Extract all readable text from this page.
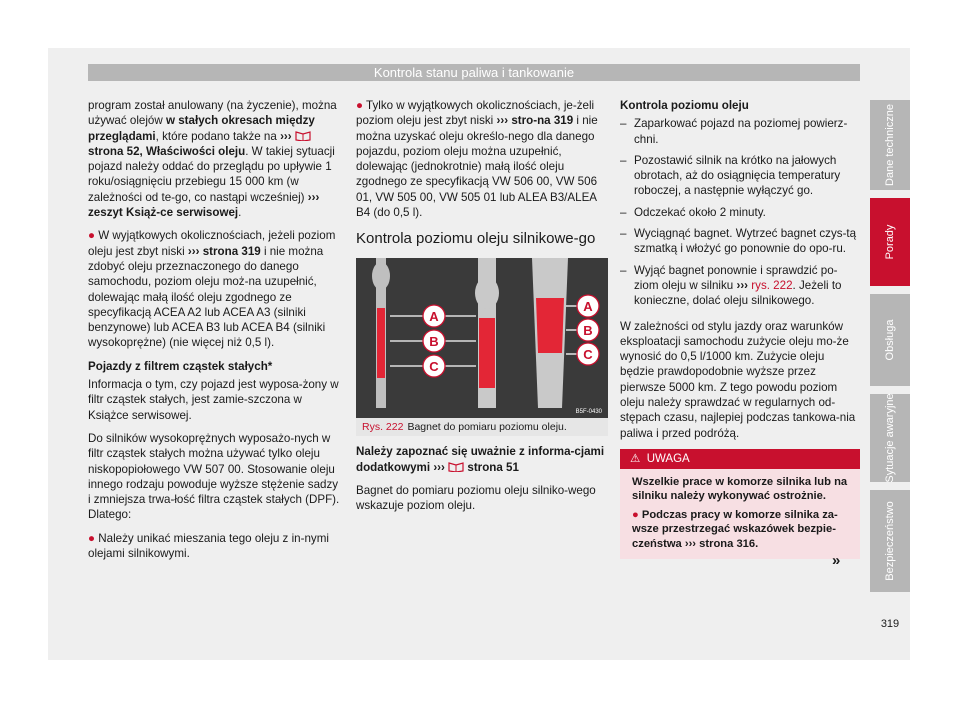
Kontrola stanu paliwa i tankowanie

program został anulowany (na życzenie), można używać olejów w stałych okresach między przeglądami, które podano także na ›››  strona 52, Właściwości oleju. W takiej sytuacji pojazd należy oddać do przeglądu po upływie 1 roku/osiągnięciu przebiegu 15 000 km (w zależności od te-go, co nastąpi wcześniej) ››› zeszyt Książ-ce serwisowej.

● W wyjątkowych okolicznościach, jeżeli poziom oleju jest zbyt niski ››› strona 319 i nie można zdobyć oleju przeznaczonego do danego samochodu, poziom oleju moż-na uzupełnić, dolewając małą ilość oleju zgodnego ze specyfikacją ACEA A2 lub ACEA A3 (silniki benzynowe) lub ACEA B3 lub ACEA B4 (silniki wysokoprężne) (nie więcej niż 0,5 l).

Pojazdy z filtrem cząstek stałych*

Informacja o tym, czy pojazd jest wyposa-żony w filtr cząstek stałych, jest zamie-szczona w Książce serwisowej.

Do silników wysokoprężnych wyposażo-nych w filtr cząstek stałych można używać tylko oleju niskopopiołowego VW 507 00. Stosowanie oleju innego rodzaju powoduje wyższe stężenie sadzy i zmniejsza trwa-łość filtra cząstek stałych (DPF). Dlatego:

● Należy unikać mieszania tego oleju z in-nymi olejami silnikowymi.

● Tylko w wyjątkowych okolicznościach, je-żeli poziom oleju jest zbyt niski ››› stro-na 319 i nie można uzyskać oleju określo-nego dla danego pojazdu, poziom oleju można uzupełnić, dolewając (jednokrotnie) małą ilość oleju zgodnego ze specyfikacją VW 506 00, VW 506 01, VW 505 00, VW 505 01 lub ALEA B3/ALEA B4 (do 0,5 l).

Kontrola poziomu oleju silnikowe-go
A
B
C
A
B
C
B5F-0430
Rys. 222 Bagnet do pomiaru poziomu oleju.

Należy zapoznać się uważnie z informa-cjami dodatkowymi ››› strona 51

Bagnet do pomiaru poziomu oleju silniko-wego wskazuje poziom oleju.

Kontrola poziomu oleju
– Zaparkować pojazd na poziomej powierz-chni.
– Pozostawić silnik na krótko na jałowych obrotach, aż do osiągnięcia temperatury roboczej, a następnie wyłączyć go.
– Odczekać około 2 minuty.
– Wyciągnąć bagnet. Wytrzeć bagnet czys-tą szmatką i włożyć go ponownie do opo-ru.
– Wyjąć bagnet ponownie i sprawdzić po-ziom oleju w silniku ››› rys. 222. Jeżeli to konieczne, dolać oleju silnikowego.

W zależności od stylu jazdy oraz warunków eksploatacji samochodu zużycie oleju mo-że wynosić do 0,5 l/1000 km. Zużycie oleju będzie prawdopodobnie wyższe przez pierwsze 5000 km. Z tego powodu poziom oleju należy sprawdzać w regularnych od-stępach czasu, najlepiej podczas tankowa-nia paliwa i przed podróżą.

⚠ UWAGA

Wszelkie prace w komorze silnika lub na silniku należy wykonywać ostrożnie.

● Podczas pracy w komorze silnika za-wsze przestrzegać wskazówek bezpie-czeństwa ››› strona 316.

»
Dane techniczne
Porady
Obsługa
Sytuacje awaryjne
Bezpieczeństwo
319
